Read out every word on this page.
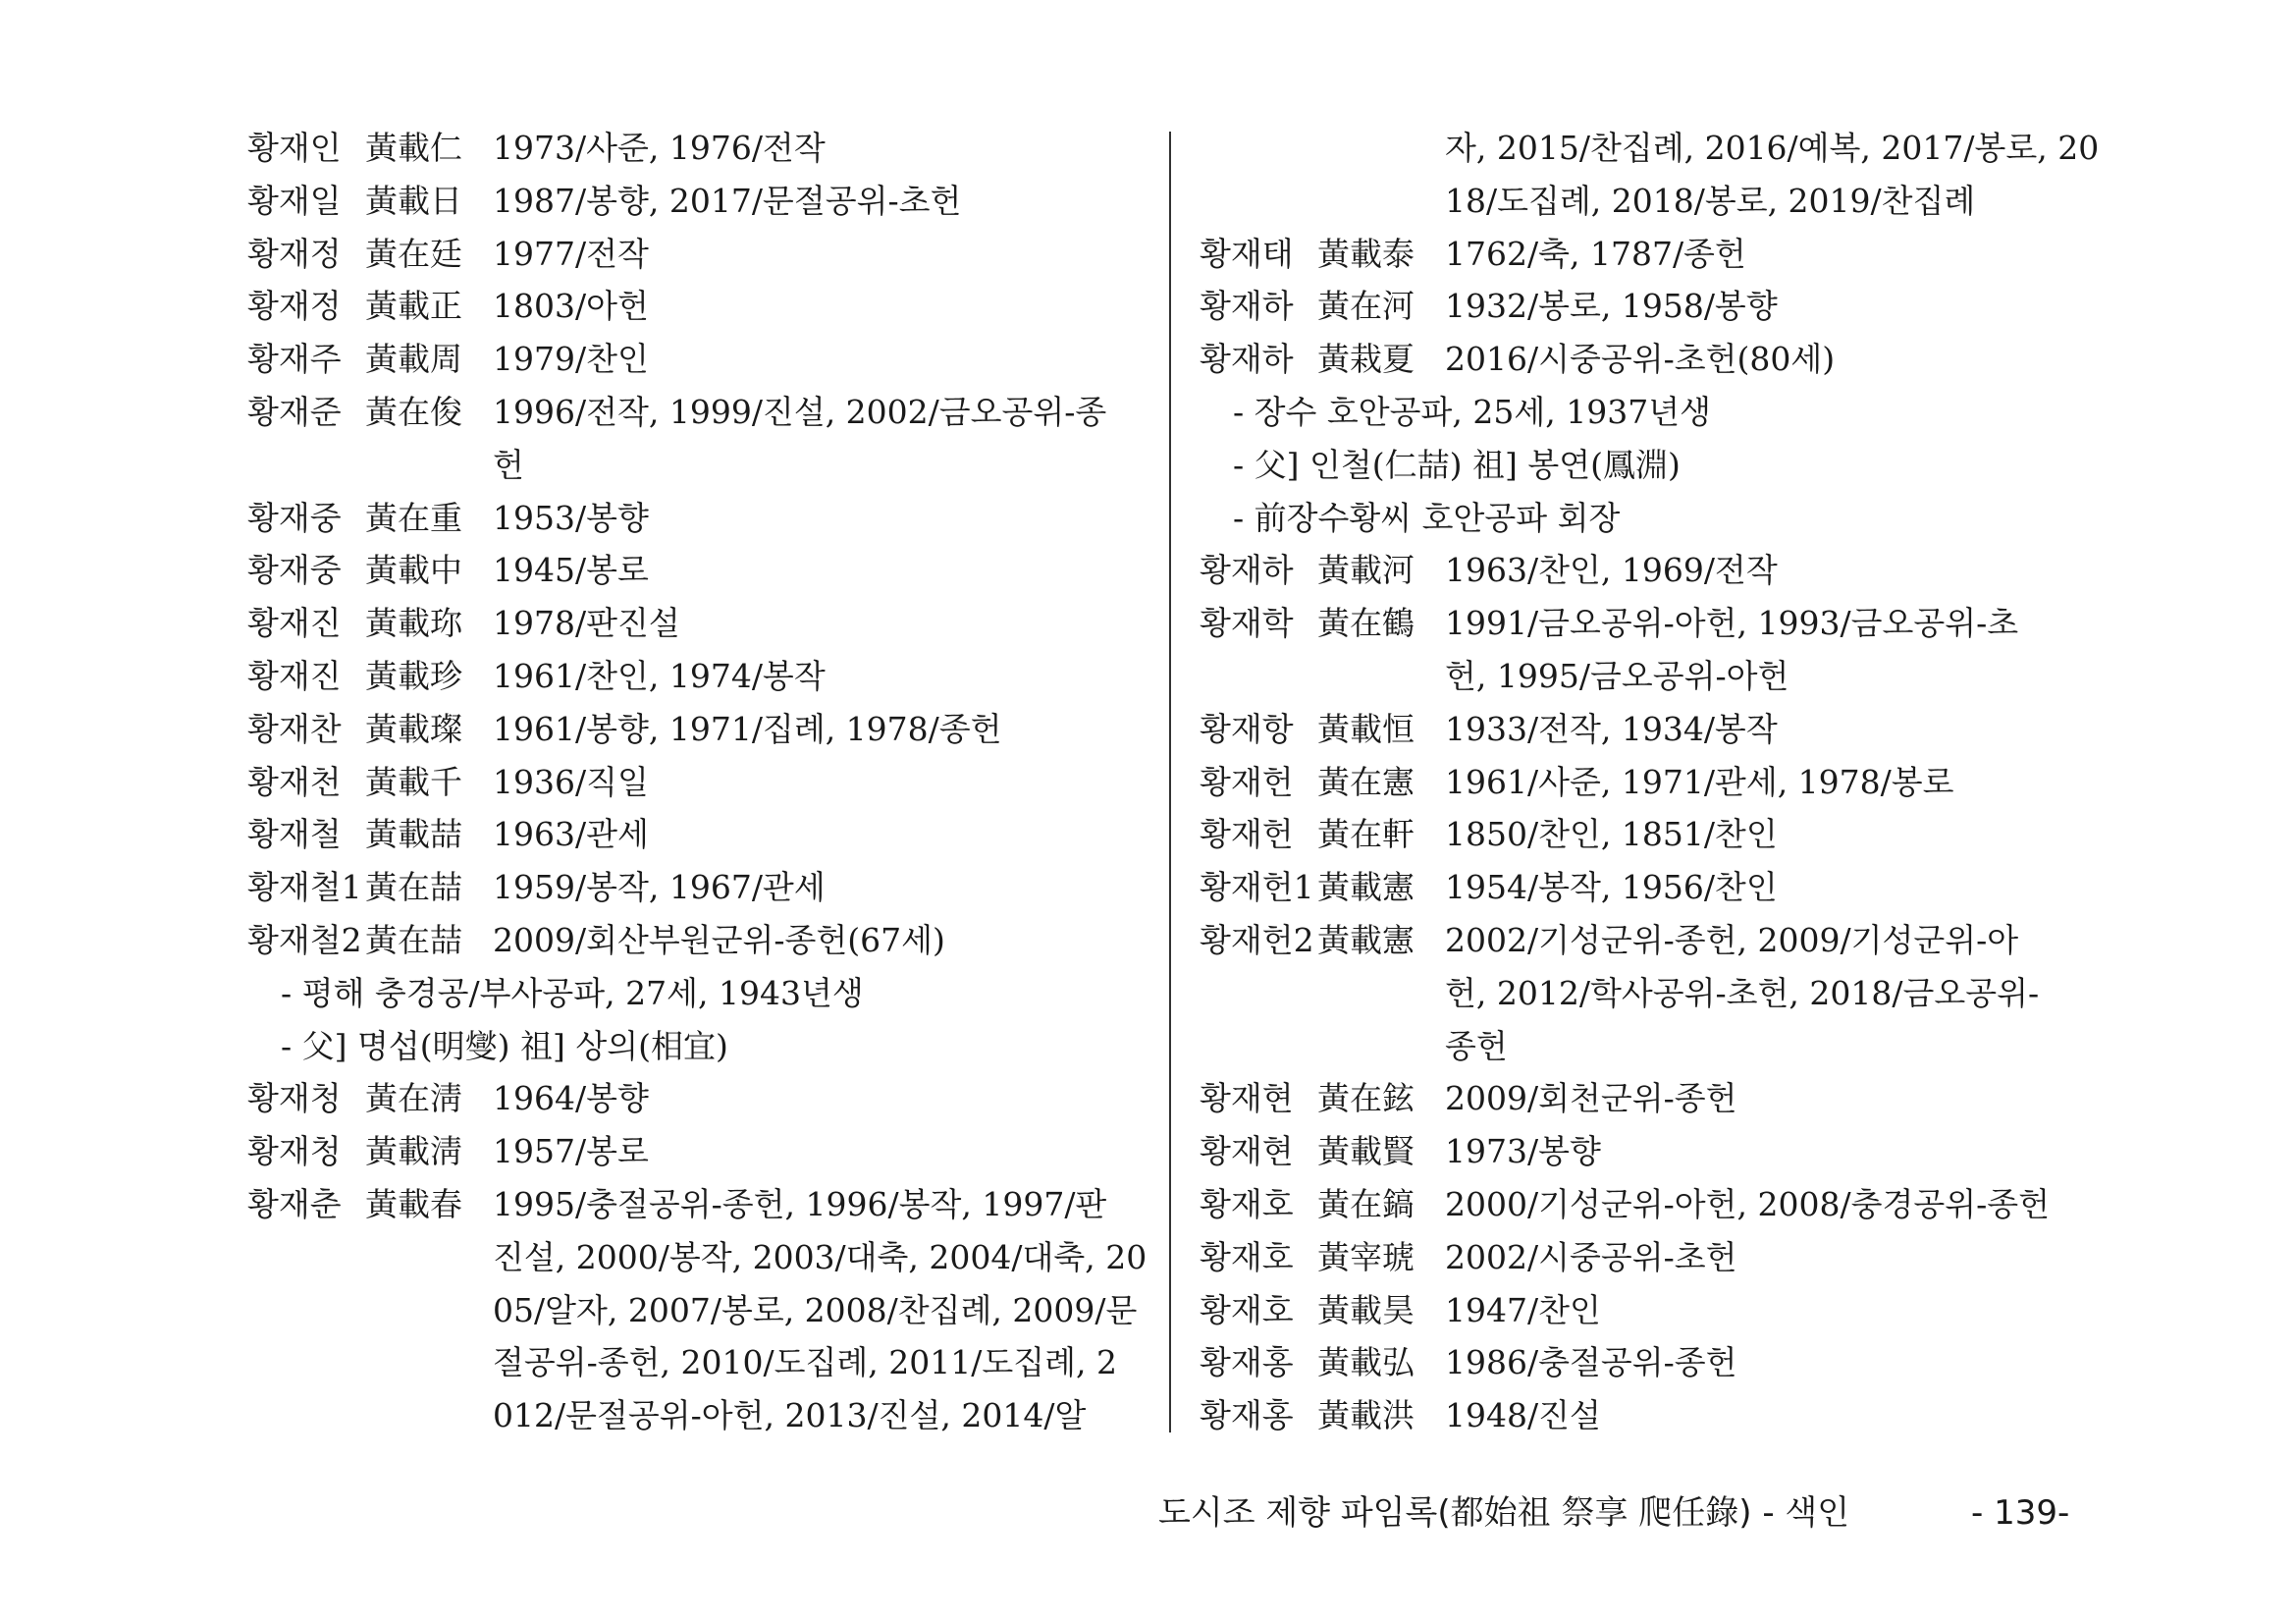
황재인 黃載仁 1973/사준, 1976/전작
황재일 黃載日 1987/봉향, 2017/문절공위-초헌
황재정 黃在廷 1977/전작
황재정 黃載正 1803/아헌
황재주 黃載周 1979/찬인
황재준 黃在俊 1996/전작, 1999/진설, 2002/금오공위-종
헌
황재중 黃在重 1953/봉향
황재중 黃載中 1945/봉로
황재진 黃載珎 1978/판진설
황재진 黃載珍 1961/찬인, 1974/봉작
황재찬 黃載璨 1961/봉향, 1971/집례, 1978/종헌
황재천 黃載千 1936/직일
황재철 黃載喆 1963/관세
황재철1 黃在喆 1959/봉작, 1967/관세
황재철2 黃在喆 2009/회산부원군위-종헌(67세)
- 평해 충경공/부사공파, 27세, 1943년생
- 父] 명섭(明燮) 祖] 상의(相宜)
황재청 黃在淸 1964/봉향
황재청 黃載淸 1957/봉로
황재춘 黃載春 1995/충절공위-종헌, 1996/봉작, 1997/판
진설, 2000/봉작, 2003/대축, 2004/대축, 20
05/알자, 2007/봉로, 2008/찬집례, 2009/문
절공위-종헌, 2010/도집례, 2011/도집례, 2
012/문절공위-아헌, 2013/진설, 2014/알
자, 2015/찬집례, 2016/예복, 2017/봉로, 20
18/도집례, 2018/봉로, 2019/찬집례
황재태 黃載泰 1762/축, 1787/종헌
황재하 黃在河 1932/봉로, 1958/봉향
황재하 黃栽夏 2016/시중공위-초헌(80세)
- 장수 호안공파, 25세, 1937년생
- 父] 인철(仁喆) 祖] 봉연(鳳淵)
- 前장수황씨 호안공파 회장
황재하 黃載河 1963/찬인, 1969/전작
황재학 黃在鶴 1991/금오공위-아헌, 1993/금오공위-초
헌, 1995/금오공위-아헌
황재항 黃載恒 1933/전작, 1934/봉작
황재헌 黃在憲 1961/사준, 1971/관세, 1978/봉로
황재헌 黃在軒 1850/찬인, 1851/찬인
황재헌1 黃載憲 1954/봉작, 1956/찬인
황재헌2 黃載憲 2002/기성군위-종헌, 2009/기성군위-아
헌, 2012/학사공위-초헌, 2018/금오공위-
종헌
황재현 黃在鉉 2009/회천군위-종헌
황재현 黃載賢 1973/봉향
황재호 黃在鎬 2000/기성군위-아헌, 2008/충경공위-종헌
황재호 黃宰琥 2002/시중공위-초헌
황재호 黃載昊 1947/찬인
황재홍 黃載弘 1986/충절공위-종헌
황재홍 黃載洪 1948/진설
도시조 제향 파임록(都始祖 祭享 爬任錄) - 색인	- 139-
